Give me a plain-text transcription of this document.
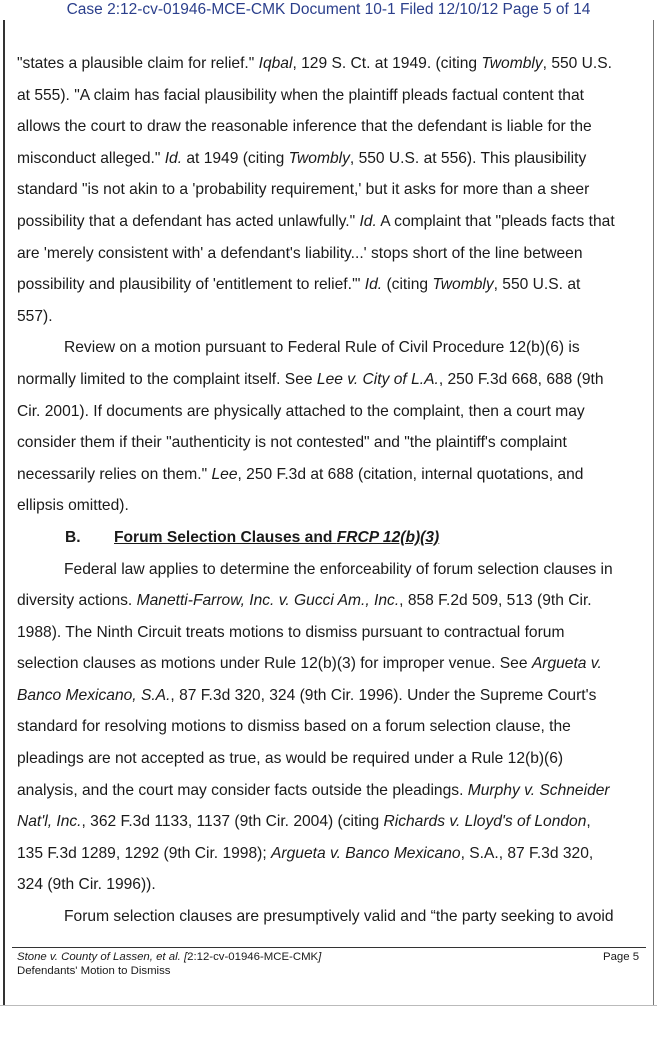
Case 2:12-cv-01946-MCE-CMK Document 10-1 Filed 12/10/12 Page 5 of 14
"states a plausible claim for relief." Iqbal, 129 S. Ct. at 1949. (citing Twombly, 550 U.S.
at 555). "A claim has facial plausibility when the plaintiff pleads factual content that
allows the court to draw the reasonable inference that the defendant is liable for the
misconduct alleged." Id. at 1949 (citing Twombly, 550 U.S. at 556). This plausibility
standard "is not akin to a 'probability requirement,' but it asks for more than a sheer
possibility that a defendant has acted unlawfully." Id. A complaint that "pleads facts that
are 'merely consistent with' a defendant's liability...' stops short of the line between
possibility and plausibility of 'entitlement to relief.'" Id. (citing Twombly, 550 U.S. at
557).
Review on a motion pursuant to Federal Rule of Civil Procedure 12(b)(6) is
normally limited to the complaint itself. See Lee v. City of L.A., 250 F.3d 668, 688 (9th
Cir. 2001). If documents are physically attached to the complaint, then a court may
consider them if their "authenticity is not contested" and "the plaintiff's complaint
necessarily relies on them." Lee, 250 F.3d at 688 (citation, internal quotations, and
ellipsis omitted).
B. Forum Selection Clauses and FRCP 12(b)(3)
Federal law applies to determine the enforceability of forum selection clauses in
diversity actions. Manetti-Farrow, Inc. v. Gucci Am., Inc., 858 F.2d 509, 513 (9th Cir.
1988). The Ninth Circuit treats motions to dismiss pursuant to contractual forum
selection clauses as motions under Rule 12(b)(3) for improper venue. See Argueta v.
Banco Mexicano, S.A., 87 F.3d 320, 324 (9th Cir. 1996). Under the Supreme Court's
standard for resolving motions to dismiss based on a forum selection clause, the
pleadings are not accepted as true, as would be required under a Rule 12(b)(6)
analysis, and the court may consider facts outside the pleadings. Murphy v. Schneider
Nat'l, Inc., 362 F.3d 1133, 1137 (9th Cir. 2004) (citing Richards v. Lloyd's of London,
135 F.3d 1289, 1292 (9th Cir. 1998); Argueta v. Banco Mexicano, S.A., 87 F.3d 320,
324 (9th Cir. 1996)).
Forum selection clauses are presumptively valid and “the party seeking to avoid
Stone v. County of Lassen, et al. [2:12-cv-01946-MCE-CMK]
Defendants' Motion to Dismiss
Page 5
